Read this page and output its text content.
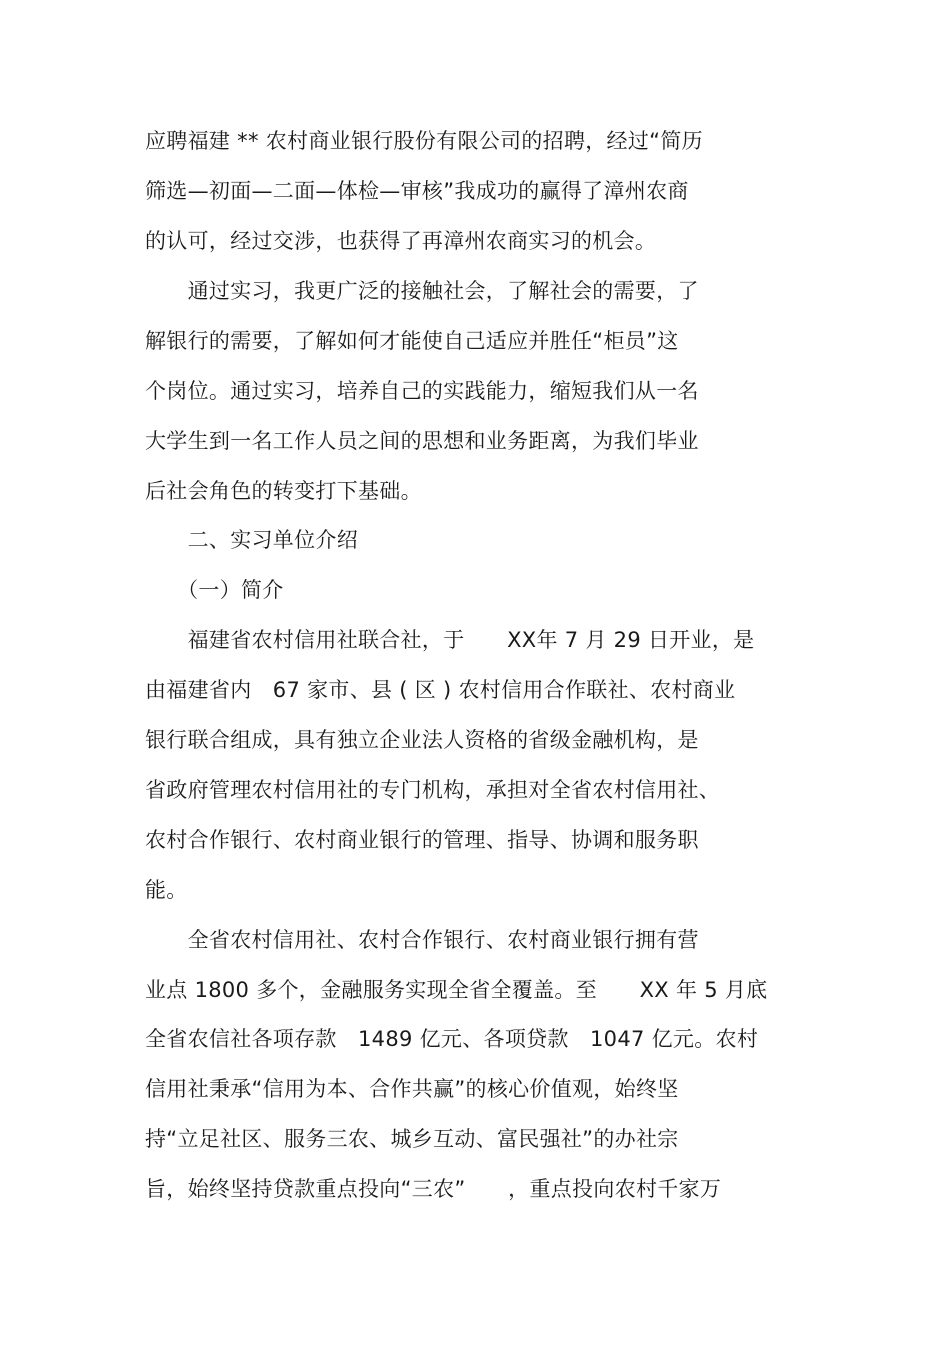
应聘福建 ** 农村商业银行股份有限公司的招聘，经过“简历
筛选—初面—二面—体检—审核”我成功的赢得了漳州农商
的认可，经过交涉，也获得了再漳州农商实习的机会。
　　通过实习，我更广泛的接触社会，了解社会的需要，了
解银行的需要，了解如何才能使自己适应并胜任“柜员”这
个岗位。通过实习，培养自己的实践能力，缩短我们从一名
大学生到一名工作人员之间的思想和业务距离，为我们毕业
后社会角色的转变打下基础。
　　二、实习单位介绍
　　（一）简介
　　福建省农村信用社联合社，于　　XX年 7 月 29 日开业，是
由福建省内　67 家市、县 ( 区 ) 农村信用合作联社、农村商业
银行联合组成，具有独立企业法人资格的省级金融机构，是
省政府管理农村信用社的专门机构，承担对全省农村信用社、
农村合作银行、农村商业银行的管理、指导、协调和服务职
能。
　　全省农村信用社、农村合作银行、农村商业银行拥有营
业点 1800 多个，金融服务实现全省全覆盖。至　　XX 年 5 月底
全省农信社各项存款　1489 亿元、各项贷款　1047 亿元。农村
信用社秉承“信用为本、合作共赢”的核心价值观，始终坚
持“立足社区、服务三农、城乡互动、富民强社”的办社宗
旨，始终坚持贷款重点投向“三农”　　，重点投向农村千家万
